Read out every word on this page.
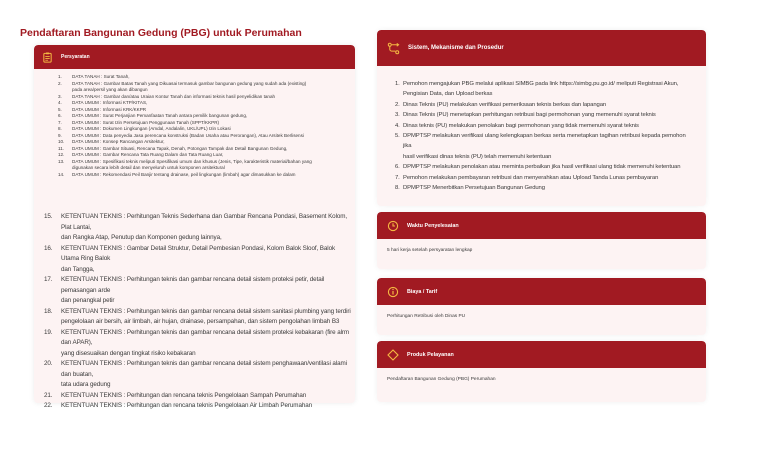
Pendaftaran Bangunan Gedung (PBG) untuk Perumahan
Persyaratan
1. DATA TANAH : Surat Tanah,
2. DATA TANAH : Gambar Batas Tanah yang Dikuasai termasuk gambar bangunan gedung yang sudah ada (existing)
pada area/persil yang akan dibangun
3. DATA TANAH : Gambar dan/atau Uraian Kontur Tanah dan informasi teknis hasil penyelidikan tanah
4. DATA UMUM : Informasi KTP/KITAS,
5. DATA UMUM : Informasi KRK/KKPR
6. DATA UMUM : Surat Perjanjian Pemanfaatan Tanah antara pemilik bangunan gedung,
7. DATA UMUM : Surat Izin Persetujuan Penggunaan Tanah (SPPT/KKPR)
8. DATA UMUM : Dokumen Lingkungan (Amdal, Andalalin, UKL/UPL) Izin Lokasi
9. DATA UMUM : Data penyedia Jasa perencana konstruksi (Badan Usaha atau Perorangan), Atau Arsitek Berlisensi
10. DATA UMUM : Konsep Rancangan Arsitektur,
11. DATA UMUM : Gambar Situasi, Rencana Tapak, Denah, Potongan Tampak dan Detail Bangunan Gedung,
12. DATA UMUM : Gambar Rencana Tata Ruang Dalam dan Tata Ruang Luar,
13. DATA UMUM : Spesifikasi teknis meliputi Spesifikasi umum dan khusus (Jenis, Tipe, karakteristik material/bahan yang
digunakan secara lebih detail dan menyeluruh untuk komponen arsitektural
14. DATA UMUM : Rekomendasi Peil Banjir tentang drainase, peil lingkungan (limbah) agar dimasukkan ke dalam
15. KETENTUAN TEKNIS : Perhitungan Teknis Sederhana dan Gambar Rencana Pondasi, Basement Kolom, Plat Lantai,
dan Rangka Atap, Penutup dan Komponen gedung lainnya,
16. KETENTUAN TEKNIS : Gambar Detail Struktur, Detail Pembesian Pondasi, Kolom Balok Sloof, Balok Utama Ring Balok
dan Tangga,
17. KETENTUAN TEKNIS : Perhitungan teknis dan gambar rencana detail sistem proteksi petir, detail pemasangan arde
dan penangkal petir
18. KETENTUAN TEKNIS : Perhitungan teknis dan gambar rencana detail sistem sanitasi plumbing yang terdiri
pengelolaan air bersih, air limbah, air hujan, drainase, persampahan, dan sistem pengolahan limbah B3
19. KETENTUAN TEKNIS : Perhitungan teknis dan gambar rencana detail sistem proteksi kebakaran (fire alrm dan APAR),
yang disesuaikan dengan tingkat risiko kebakaran
20. KETENTUAN TEKNIS : Perhitungan teknis dan gambar rencana detail sistem penghawaan/ventilasi alami dan buatan,
tata udara gedung
21. KETENTUAN TEKNIS : Perhitungan dan rencana teknis Pengelolaan Sampah Perumahan
22. KETENTUAN TEKNIS : Perhitungan dan rencana teknis Pengelolaan Air Limbah Perumahan
Sistem, Mekanisme dan Prosedur
1. Pemohon mengajukan PBG melalui aplikasi SIMBG pada link https://simbg.pu.go.id/ meliputi Registrasi Akun,
Pengisian Data, dan Upload berkas
2. Dinas Teknis (PU) melakukan verifikasi pemeriksaan teknis berkas dan lapangan
3. Dinas Teknis (PU) menetapkan perhitungan retribusi bagi permohonan yang memenuhi syarat teknis
4. Dinas teknis (PU) melakukan penolakan bagi permohonan yang tidak memenuhi syarat teknis
5. DPMPTSP melakukan verifikasi ulang kelengkapan berkas serta menetapkan tagihan retribusi kepada pemohon jika
hasil verifikasi dinas teknis (PU) telah memenuhi ketentuan
6. DPMPTSP melakukan penolakan atau meminta perbaikan jika hasil verifikasi ulang tidak memenuhi ketentuan
7. Pemohon melakukan pembayaran retribusi dan menyerahkan atau Upload Tanda Lunas pembayaran
8. DPMPTSP Menerbitkan Persetujuan Bangunan Gedung
Waktu Penyelesaian
5 hari kerja setelah persyaratan lengkap
Biaya / Tarif
Perhitungan Retribusi oleh Dinas PU
Produk Pelayanan
Pendaftaran Bangunan Gedung (PBG) Perumahan
